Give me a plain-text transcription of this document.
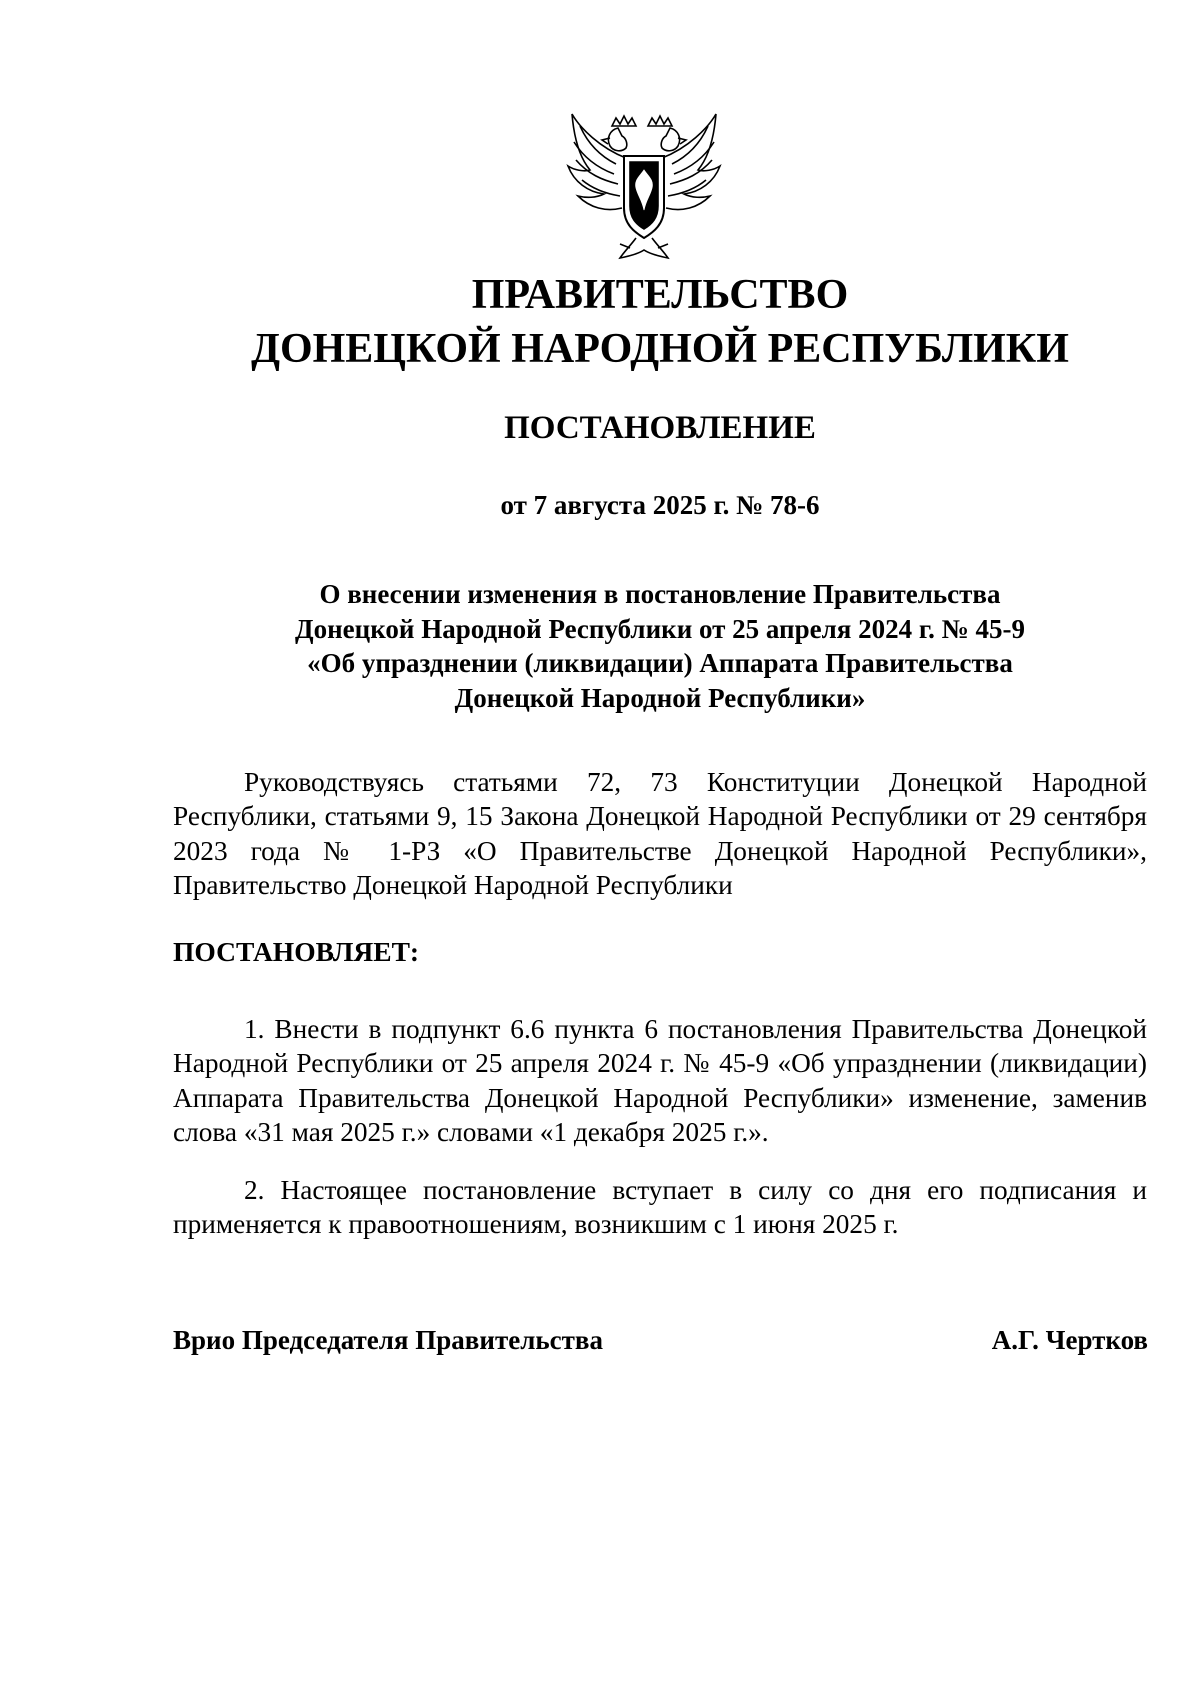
ПРАВИТЕЛЬСТВО
ДОНЕЦКОЙ НАРОДНОЙ РЕСПУБЛИКИ
ПОСТАНОВЛЕНИЕ
от 7 августа 2025 г. № 78-6
О внесении изменения в постановление Правительства
Донецкой Народной Республики от 25 апреля 2024 г. № 45-9
«Об упразднении (ликвидации) Аппарата Правительства
Донецкой Народной Республики»
Руководствуясь статьями 72, 73 Конституции Донецкой Народной Республики, статьями 9, 15 Закона Донецкой Народной Республики от 29 сентября 2023 года № 1-РЗ «О Правительстве Донецкой Народной Республики», Правительство Донецкой Народной Республики
ПОСТАНОВЛЯЕТ:
1. Внести в подпункт 6.6 пункта 6 постановления Правительства Донецкой Народной Республики от 25 апреля 2024 г. № 45-9 «Об упразднении (ликвидации) Аппарата Правительства Донецкой Народной Республики» изменение, заменив слова «31 мая 2025 г.» словами «1 декабря 2025 г.».
2. Настоящее постановление вступает в силу со дня его подписания и применяется к правоотношениям, возникшим с 1 июня 2025 г.
Врио Председателя Правительства	А.Г. Чертков
